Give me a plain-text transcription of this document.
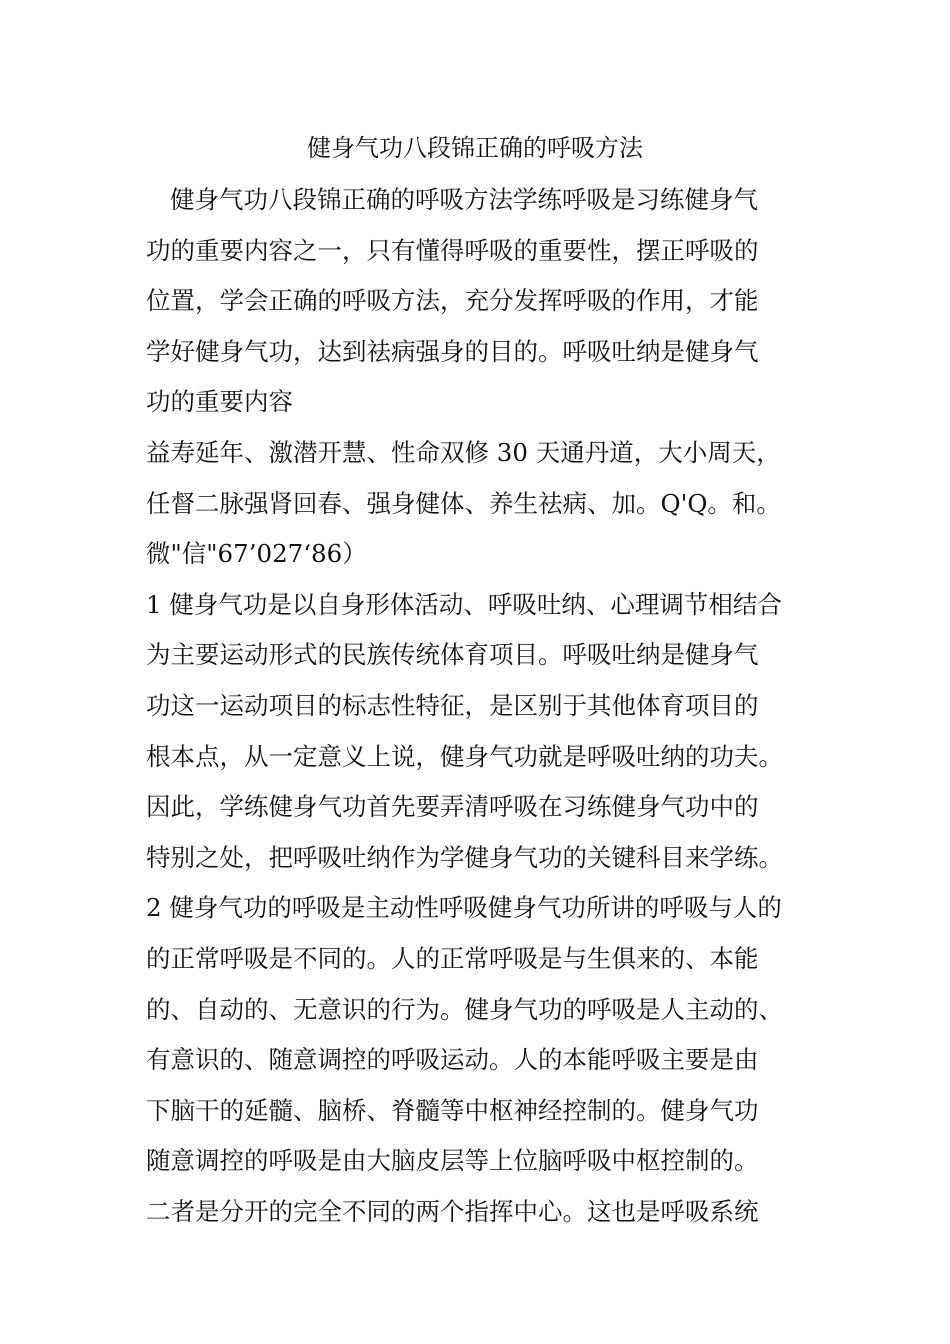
健身气功八段锦正确的呼吸方法
健身气功八段锦正确的呼吸方法学练呼吸是习练健身气
功的重要内容之一，只有懂得呼吸的重要性，摆正呼吸的
位置，学会正确的呼吸方法，充分发挥呼吸的作用，才能
学好健身气功，达到祛病强身的目的。呼吸吐纳是健身气
功的重要内容
益寿延年、激潜开慧、性命双修 30 天通丹道，大小周天，
任督二脉强肾回春、强身健体、养生祛病、加。Q'Q。和。
微"信"67’027‘86）
1 健身气功是以自身形体活动、呼吸吐纳、心理调节相结合
为主要运动形式的民族传统体育项目。呼吸吐纳是健身气
功这一运动项目的标志性特征，是区别于其他体育项目的
根本点，从一定意义上说，健身气功就是呼吸吐纳的功夫。
因此，学练健身气功首先要弄清呼吸在习练健身气功中的
特别之处，把呼吸吐纳作为学健身气功的关键科目来学练。
2 健身气功的呼吸是主动性呼吸健身气功所讲的呼吸与人的
的正常呼吸是不同的。人的正常呼吸是与生俱来的、本能
的、自动的、无意识的行为。健身气功的呼吸是人主动的、
有意识的、随意调控的呼吸运动。人的本能呼吸主要是由
下脑干的延髓、脑桥、脊髓等中枢神经控制的。健身气功
随意调控的呼吸是由大脑皮层等上位脑呼吸中枢控制的。
二者是分开的完全不同的两个指挥中心。这也是呼吸系统
